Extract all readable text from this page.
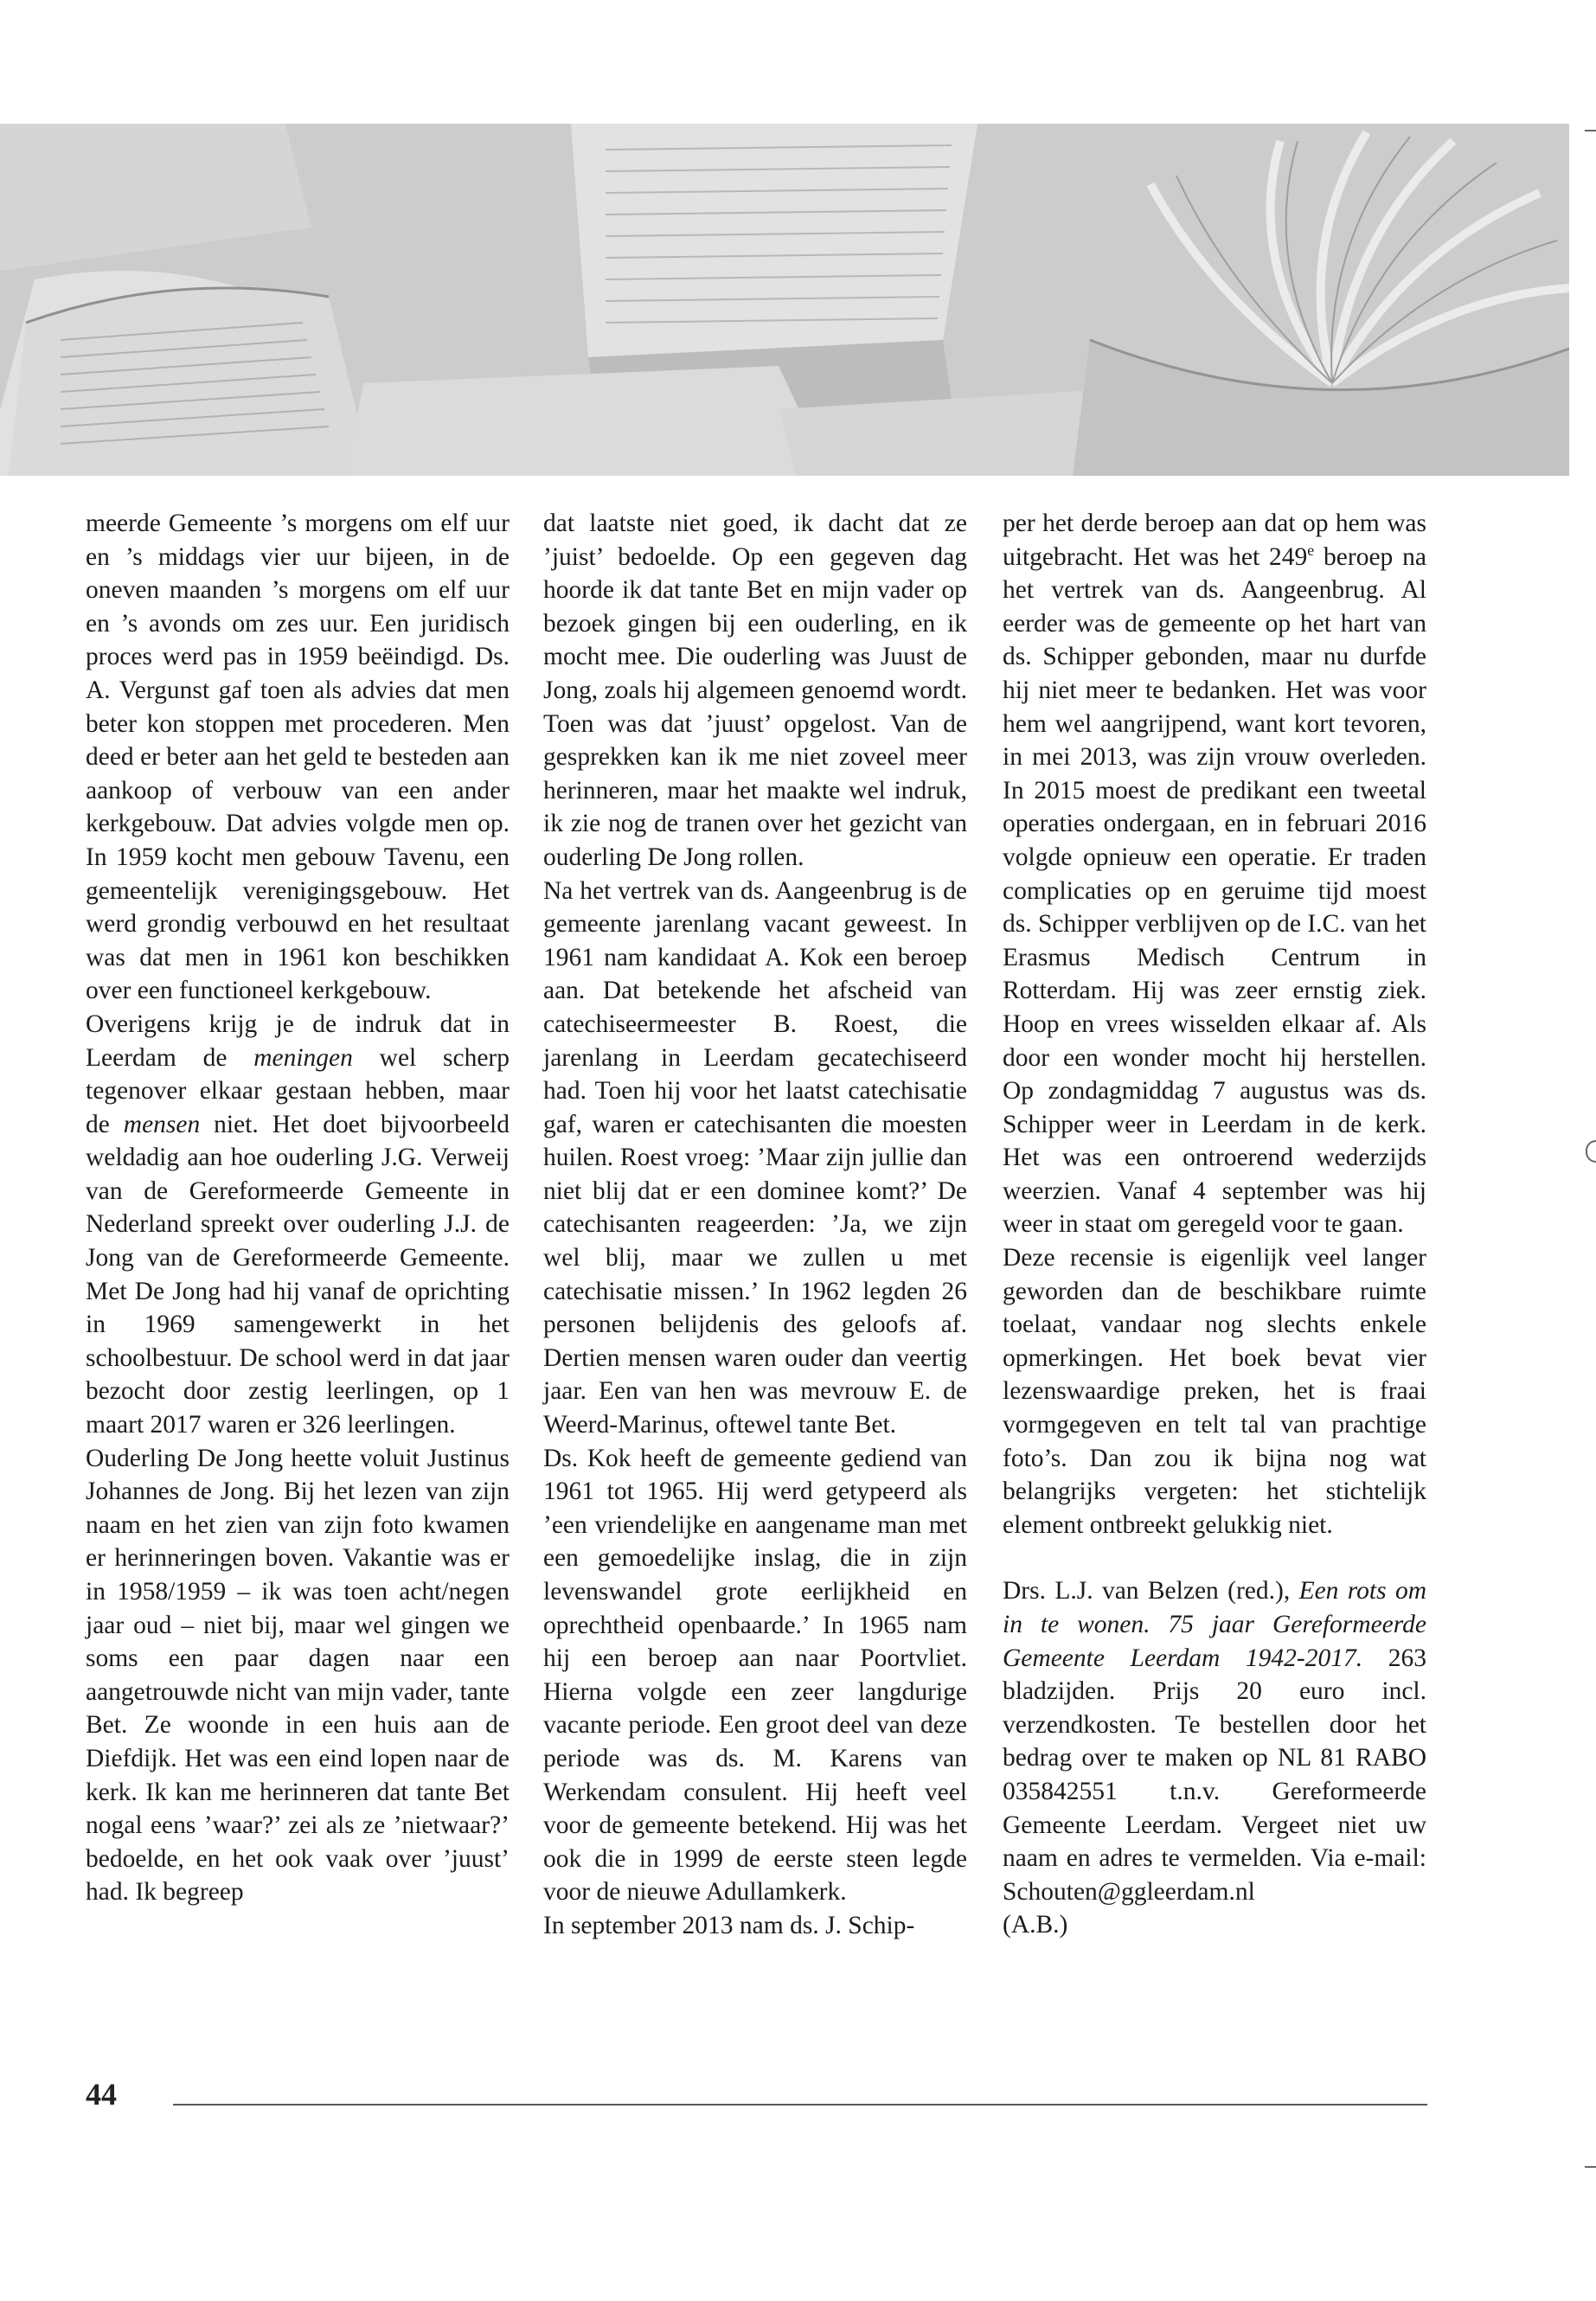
meerde Gemeente ’s morgens om elf uur en ’s middags vier uur bijeen, in de oneven maanden ’s morgens om elf uur en ’s avonds om zes uur. Een juridisch proces werd pas in 1959 beëindigd. Ds. A. Vergunst gaf toen als advies dat men beter kon stoppen met procederen. Men deed er beter aan het geld te besteden aan aankoop of verbouw van een ander kerkgebouw. Dat advies volgde men op. In 1959 kocht men gebouw Tavenu, een gemeentelijk verenigingsgebouw. Het werd grondig verbouwd en het resultaat was dat men in 1961 kon beschikken over een functioneel kerkgebouw.

Overigens krijg je de indruk dat in Leerdam de meningen wel scherp tegenover elkaar gestaan hebben, maar de mensen niet. Het doet bijvoorbeeld weldadig aan hoe ouderling J.G. Verweij van de Gereformeerde Gemeente in Nederland spreekt over ouderling J.J. de Jong van de Gereformeerde Gemeente. Met De Jong had hij vanaf de oprichting in 1969 samengewerkt in het schoolbestuur. De school werd in dat jaar bezocht door zestig leerlingen, op 1 maart 2017 waren er 326 leerlingen.

Ouderling De Jong heette voluit Justinus Johannes de Jong. Bij het lezen van zijn naam en het zien van zijn foto kwamen er herinneringen boven. Vakantie was er in 1958/1959 – ik was toen acht/negen jaar oud – niet bij, maar wel gingen we soms een paar dagen naar een aangetrouwde nicht van mijn vader, tante Bet. Ze woonde in een huis aan de Diefdijk. Het was een eind lopen naar de kerk. Ik kan me herinneren dat tante Bet nogal eens ’waar?’ zei als ze ’nietwaar?’ bedoelde, en het ook vaak over ’juust’ had. Ik begreep

dat laatste niet goed, ik dacht dat ze ’juist’ bedoelde. Op een gegeven dag hoorde ik dat tante Bet en mijn vader op bezoek gingen bij een ouderling, en ik mocht mee. Die ouderling was Juust de Jong, zoals hij algemeen genoemd wordt. Toen was dat ’juust’ opgelost. Van de gesprekken kan ik me niet zoveel meer herinneren, maar het maakte wel indruk, ik zie nog de tranen over het gezicht van ouderling De Jong rollen.

Na het vertrek van ds. Aangeenbrug is de gemeente jarenlang vacant geweest. In 1961 nam kandidaat A. Kok een beroep aan. Dat betekende het afscheid van catechiseermeester B. Roest, die jarenlang in Leerdam gecatechiseerd had. Toen hij voor het laatst catechisatie gaf, waren er catechisanten die moesten huilen. Roest vroeg: ’Maar zijn jullie dan niet blij dat er een dominee komt?’ De catechisanten reageerden: ’Ja, we zijn wel blij, maar we zullen u met catechisatie missen.’ In 1962 legden 26 personen belijdenis des geloofs af. Dertien mensen waren ouder dan veertig jaar. Een van hen was mevrouw E. de Weerd-Marinus, oftewel tante Bet.

Ds. Kok heeft de gemeente gediend van 1961 tot 1965. Hij werd getypeerd als ’een vriendelijke en aangename man met een gemoedelijke inslag, die in zijn levenswandel grote eerlijkheid en oprechtheid openbaarde.’ In 1965 nam hij een beroep aan naar Poortvliet. Hierna volgde een zeer langdurige vacante periode. Een groot deel van deze periode was ds. M. Karens van Werkendam consulent. Hij heeft veel voor de gemeente betekend. Hij was het ook die in 1999 de eerste steen legde voor de nieuwe Adullamkerk.

In september 2013 nam ds. J. Schip-

per het derde beroep aan dat op hem was uitgebracht. Het was het 249e beroep na het vertrek van ds. Aangeenbrug. Al eerder was de gemeente op het hart van ds. Schipper gebonden, maar nu durfde hij niet meer te bedanken. Het was voor hem wel aangrijpend, want kort tevoren, in mei 2013, was zijn vrouw overleden. In 2015 moest de predikant een tweetal operaties ondergaan, en in februari 2016 volgde opnieuw een operatie. Er traden complicaties op en geruime tijd moest ds. Schipper verblijven op de I.C. van het Erasmus Medisch Centrum in Rotterdam. Hij was zeer ernstig ziek. Hoop en vrees wisselden elkaar af. Als door een wonder mocht hij herstellen. Op zondagmiddag 7 augustus was ds. Schipper weer in Leerdam in de kerk. Het was een ontroerend wederzijds weerzien. Vanaf 4 september was hij weer in staat om geregeld voor te gaan.

Deze recensie is eigenlijk veel langer geworden dan de beschikbare ruimte toelaat, vandaar nog slechts enkele opmerkingen. Het boek bevat vier lezenswaardige preken, het is fraai vormgegeven en telt tal van prachtige foto’s. Dan zou ik bijna nog wat belangrijks vergeten: het stichtelijk element ontbreekt gelukkig niet.

Drs. L.J. van Belzen (red.), Een rots om in te wonen. 75 jaar Gereformeerde Gemeente Leerdam 1942-2017. 263 bladzijden. Prijs 20 euro incl. verzendkosten. Te bestellen door het bedrag over te maken op NL 81 RABO 035842551 t.n.v. Gereformeerde Gemeente Leerdam. Vergeet niet uw naam en adres te vermelden. Via e-mail: Schouten@ggleerdam.nl

(A.B.)

44
